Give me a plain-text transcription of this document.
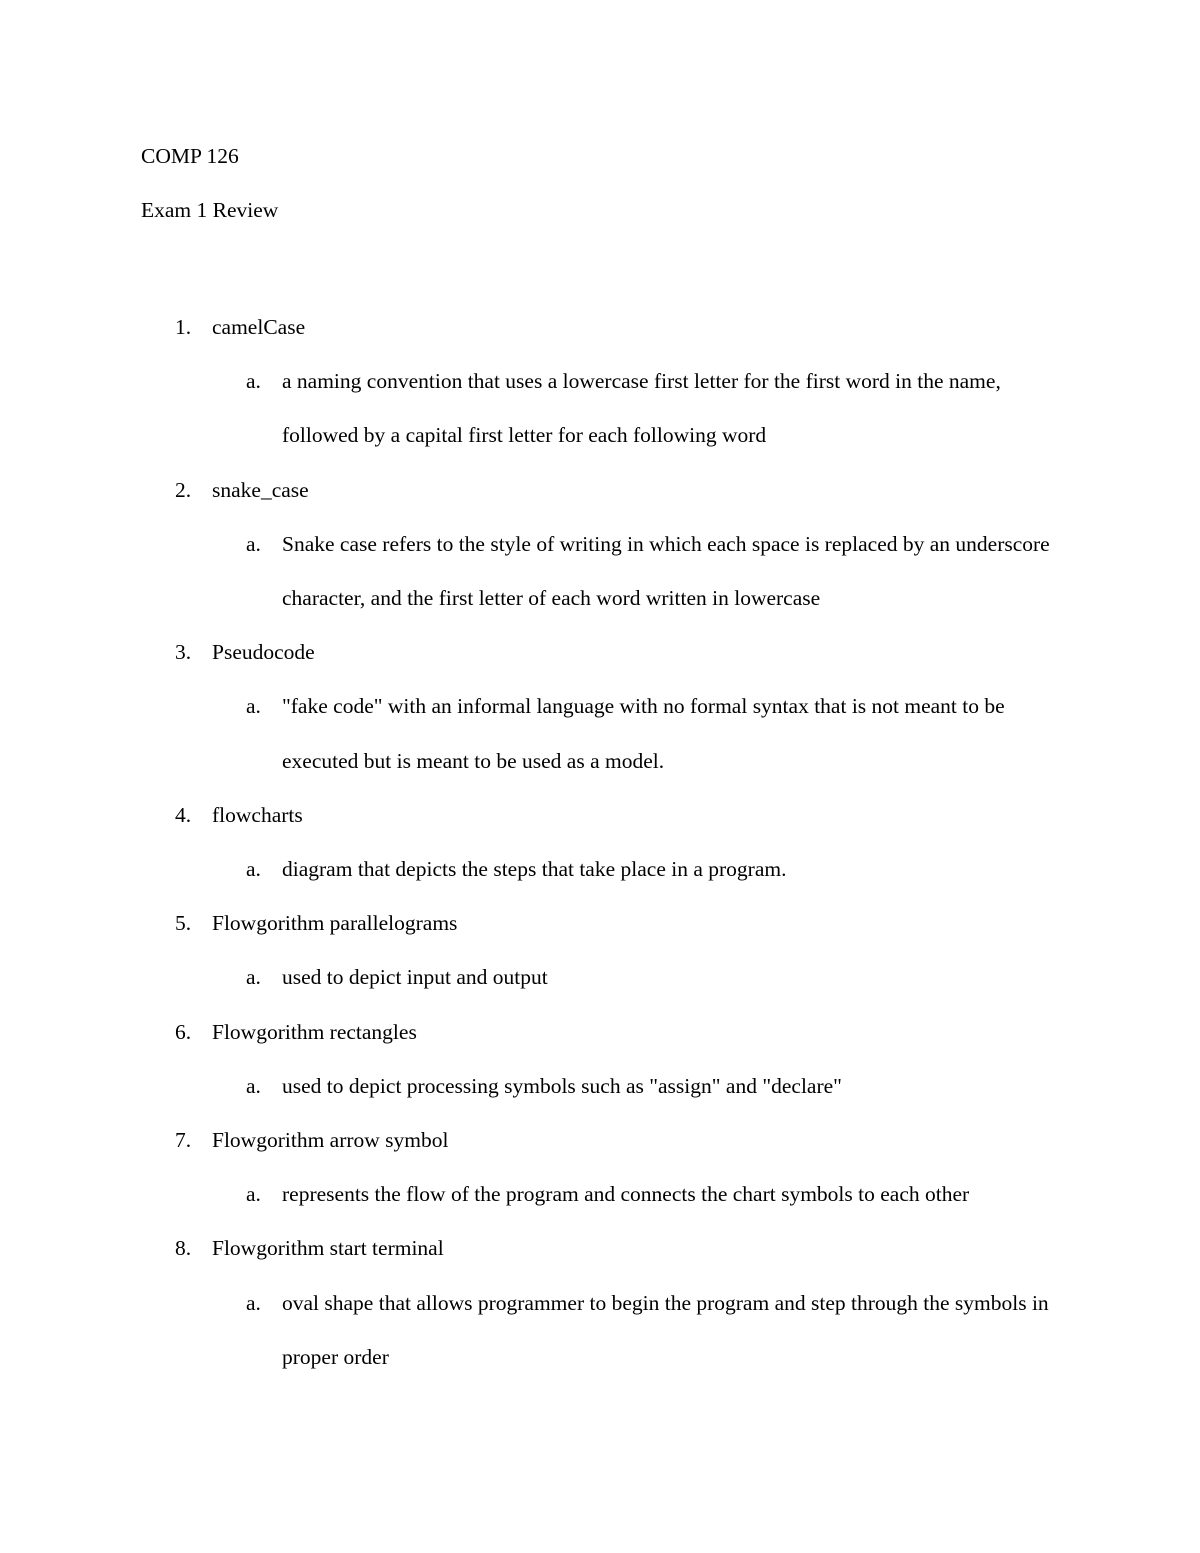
COMP 126
Exam 1 Review
1. camelCase
a. a naming convention that uses a lowercase first letter for the first word in the name, followed by a capital first letter for each following word
2. snake_case
a. Snake case refers to the style of writing in which each space is replaced by an underscore character, and the first letter of each word written in lowercase
3. Pseudocode
a. "fake code" with an informal language with no formal syntax that is not meant to be executed but is meant to be used as a model.
4. flowcharts
a. diagram that depicts the steps that take place in a program.
5. Flowgorithm parallelograms
a. used to depict input and output
6. Flowgorithm rectangles
a. used to depict processing symbols such as "assign" and "declare"
7. Flowgorithm arrow symbol
a. represents the flow of the program and connects the chart symbols to each other
8. Flowgorithm start terminal
a. oval shape that allows programmer to begin the program and step through the symbols in proper order
